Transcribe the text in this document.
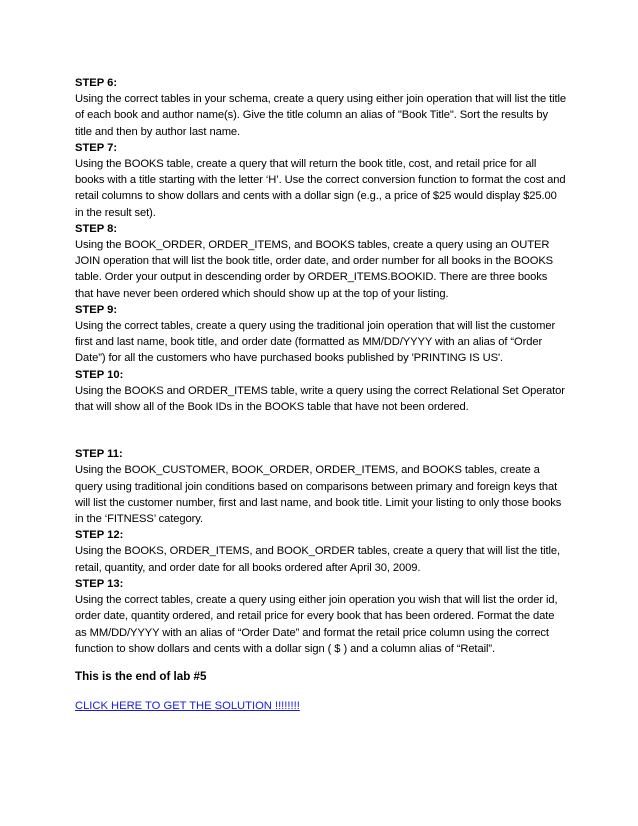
STEP 6:
Using the correct tables in your schema, create a query using either join operation that will list the title of each book and author name(s). Give the title column an alias of "Book Title". Sort the results by title and then by author last name.
STEP 7:
Using the BOOKS table, create a query that will return the book title, cost, and retail price for all books with a title starting with the letter ‘H’. Use the correct conversion function to format the cost and retail columns to show dollars and cents with a dollar sign (e.g., a price of $25 would display $25.00 in the result set).
STEP 8:
Using the BOOK_ORDER, ORDER_ITEMS, and BOOKS tables, create a query using an OUTER JOIN operation that will list the book title, order date, and order number for all books in the BOOKS table. Order your output in descending order by ORDER_ITEMS.BOOKID. There are three books that have never been ordered which should show up at the top of your listing.
STEP 9:
Using the correct tables, create a query using the traditional join operation that will list the customer first and last name, book title, and order date (formatted as MM/DD/YYYY with an alias of “Order Date”) for all the customers who have purchased books published by 'PRINTING IS US'.
STEP 10:
Using the BOOKS and ORDER_ITEMS table, write a query using the correct Relational Set Operator that will show all of the Book IDs in the BOOKS table that have not been ordered.
STEP 11:
Using the BOOK_CUSTOMER, BOOK_ORDER, ORDER_ITEMS, and BOOKS tables, create a query using traditional join conditions based on comparisons between primary and foreign keys that will list the customer number, first and last name, and book title. Limit your listing to only those books in the ‘FITNESS’ category.
STEP 12:
Using the BOOKS, ORDER_ITEMS, and BOOK_ORDER tables, create a query that will list the title, retail, quantity, and order date for all books ordered after April 30, 2009.
STEP 13:
Using the correct tables, create a query using either join operation you wish that will list the order id, order date, quantity ordered, and retail price for every book that has been ordered. Format the date as MM/DD/YYYY with an alias of “Order Date” and format the retail price column using the correct function to show dollars and cents with a dollar sign ( $ ) and a column alias of “Retail”.
This is the end of lab #5
CLICK HERE TO GET THE SOLUTION !!!!!!!!
